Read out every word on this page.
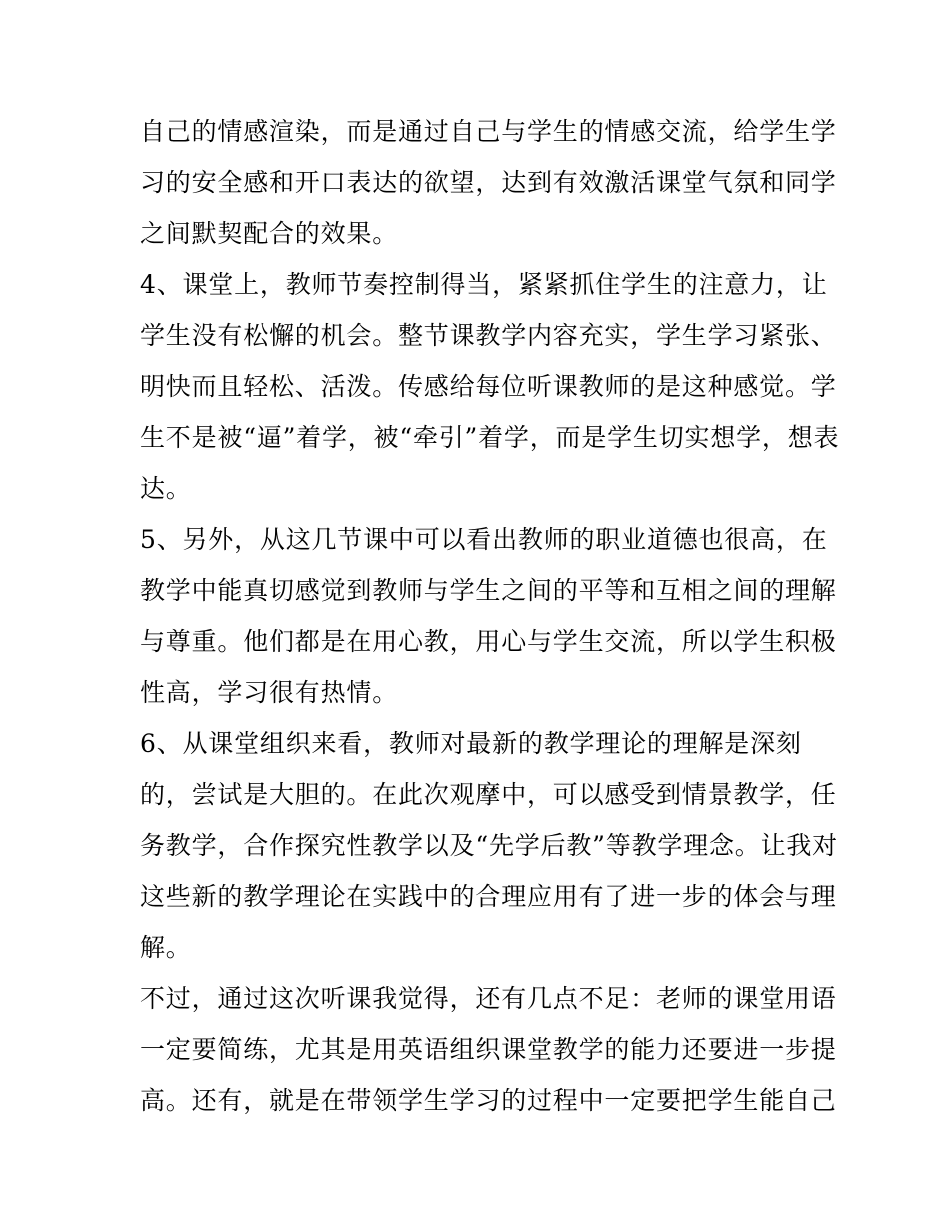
自己的情感渲染，而是通过自己与学生的情感交流，给学生学
习的安全感和开口表达的欲望，达到有效激活课堂气氛和同学
之间默契配合的效果。
4、课堂上，教师节奏控制得当，紧紧抓住学生的注意力，让
学生没有松懈的机会。整节课教学内容充实，学生学习紧张、
明快而且轻松、活泼。传感给每位听课教师的是这种感觉。学
生不是被“逼”着学，被“牵引”着学，而是学生切实想学，想表
达。
5、另外，从这几节课中可以看出教师的职业道德也很高，在
教学中能真切感觉到教师与学生之间的平等和互相之间的理解
与尊重。他们都是在用心教，用心与学生交流，所以学生积极
性高，学习很有热情。
6、从课堂组织来看，教师对最新的教学理论的理解是深刻
的，尝试是大胆的。在此次观摩中，可以感受到情景教学，任
务教学，合作探究性教学以及“先学后教”等教学理念。让我对
这些新的教学理论在实践中的合理应用有了进一步的体会与理
解。
不过，通过这次听课我觉得，还有几点不足：老师的课堂用语
一定要简练，尤其是用英语组织课堂教学的能力还要进一步提
高。还有，就是在带领学生学习的过程中一定要把学生能自己
